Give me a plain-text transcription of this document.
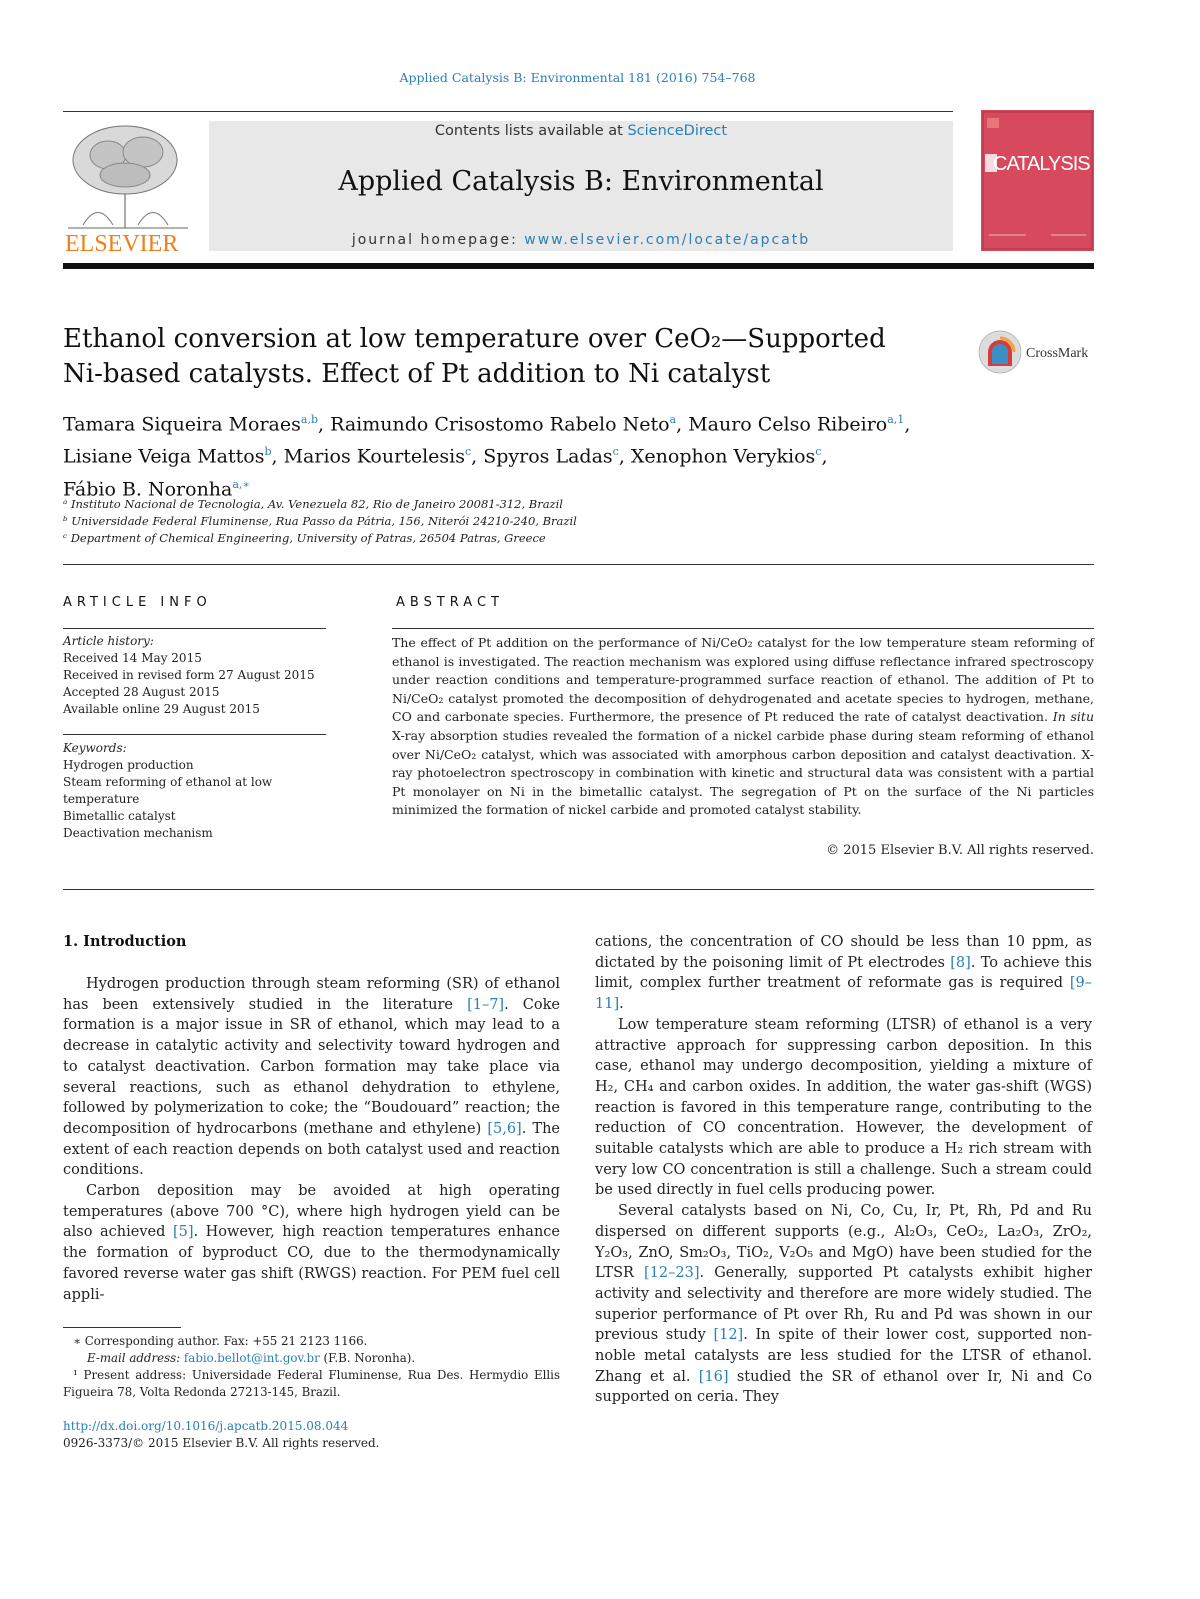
Applied Catalysis B: Environmental 181 (2016) 754–768
ELSEVIER
Contents lists available at ScienceDirect
Applied Catalysis B: Environmental
journal homepage: www.elsevier.com/locate/apcatb
CATALYSIS
Ethanol conversion at low temperature over CeO₂—Supported
Ni-based catalysts. Effect of Pt addition to Ni catalyst
CrossMark
Tamara Siqueira Moraes$^{a,b}$, Raimundo Crisostomo Rabelo Neto$^a$, Mauro Celso Ribeiro$^{a,1}$,
Lisiane Veiga Mattos$^b$, Marios Kourtelesis$^c$, Spyros Ladas$^c$, Xenophon Verykios$^c$,
Fábio B. Noronha$^{a,∗}$
ᵃ Instituto Nacional de Tecnologia, Av. Venezuela 82, Rio de Janeiro 20081-312, Brazil
ᵇ Universidade Federal Fluminense, Rua Passo da Pátria, 156, Niterói 24210-240, Brazil
ᶜ Department of Chemical Engineering, University of Patras, 26504 Patras, Greece
ARTICLE INFO	ABSTRACT
Article history:
Received 14 May 2015
Received in revised form 27 August 2015
Accepted 28 August 2015
Available online 29 August 2015
Keywords:
Hydrogen production
Steam reforming of ethanol at low temperature
Bimetallic catalyst
Deactivation mechanism
The effect of Pt addition on the performance of Ni/CeO₂ catalyst for the low temperature steam reforming of ethanol is investigated. The reaction mechanism was explored using diffuse reflectance infrared spectroscopy under reaction conditions and temperature-programmed surface reaction of ethanol. The addition of Pt to Ni/CeO₂ catalyst promoted the decomposition of dehydrogenated and acetate species to hydrogen, methane, CO and carbonate species. Furthermore, the presence of Pt reduced the rate of catalyst deactivation. In situ X-ray absorption studies revealed the formation of a nickel carbide phase during steam reforming of ethanol over Ni/CeO₂ catalyst, which was associated with amorphous carbon deposition and catalyst deactivation. X-ray photoelectron spectroscopy in combination with kinetic and structural data was consistent with a partial Pt monolayer on Ni in the bimetallic catalyst. The segregation of Pt on the surface of the Ni particles minimized the formation of nickel carbide and promoted catalyst stability.
© 2015 Elsevier B.V. All rights reserved.
1. Introduction

Hydrogen production through steam reforming (SR) of ethanol has been extensively studied in the literature [1–7]. Coke formation is a major issue in SR of ethanol, which may lead to a decrease in catalytic activity and selectivity toward hydrogen and to catalyst deactivation. Carbon formation may take place via several reactions, such as ethanol dehydration to ethylene, followed by polymerization to coke; the “Boudouard” reaction; the decomposition of hydrocarbons (methane and ethylene) [5,6]. The extent of each reaction depends on both catalyst used and reaction conditions.

Carbon deposition may be avoided at high operating temperatures (above 700 °C), where high hydrogen yield can be also achieved [5]. However, high reaction temperatures enhance the formation of byproduct CO, due to the thermodynamically favored reverse water gas shift (RWGS) reaction. For PEM fuel cell appli-

cations, the concentration of CO should be less than 10 ppm, as dictated by the poisoning limit of Pt electrodes [8]. To achieve this limit, complex further treatment of reformate gas is required [9–11].

Low temperature steam reforming (LTSR) of ethanol is a very attractive approach for suppressing carbon deposition. In this case, ethanol may undergo decomposition, yielding a mixture of H₂, CH₄ and carbon oxides. In addition, the water gas-shift (WGS) reaction is favored in this temperature range, contributing to the reduction of CO concentration. However, the development of suitable catalysts which are able to produce a H₂ rich stream with very low CO concentration is still a challenge. Such a stream could be used directly in fuel cells producing power.

Several catalysts based on Ni, Co, Cu, Ir, Pt, Rh, Pd and Ru dispersed on different supports (e.g., Al₂O₃, CeO₂, La₂O₃, ZrO₂, Y₂O₃, ZnO, Sm₂O₃, TiO₂, V₂O₅ and MgO) have been studied for the LTSR [12–23]. Generally, supported Pt catalysts exhibit higher activity and selectivity and therefore are more widely studied. The superior performance of Pt over Rh, Ru and Pd was shown in our previous study [12]. In spite of their lower cost, supported non-noble metal catalysts are less studied for the LTSR of ethanol. Zhang et al. [16] studied the SR of ethanol over Ir, Ni and Co supported on ceria. They

∗ Corresponding author. Fax: +55 21 2123 1166.
E-mail address: fabio.bellot@int.gov.br (F.B. Noronha).
¹ Present address: Universidade Federal Fluminense, Rua Des. Hermydio Ellis Figueira 78, Volta Redonda 27213-145, Brazil.
http://dx.doi.org/10.1016/j.apcatb.2015.08.044
0926-3373/© 2015 Elsevier B.V. All rights reserved.
